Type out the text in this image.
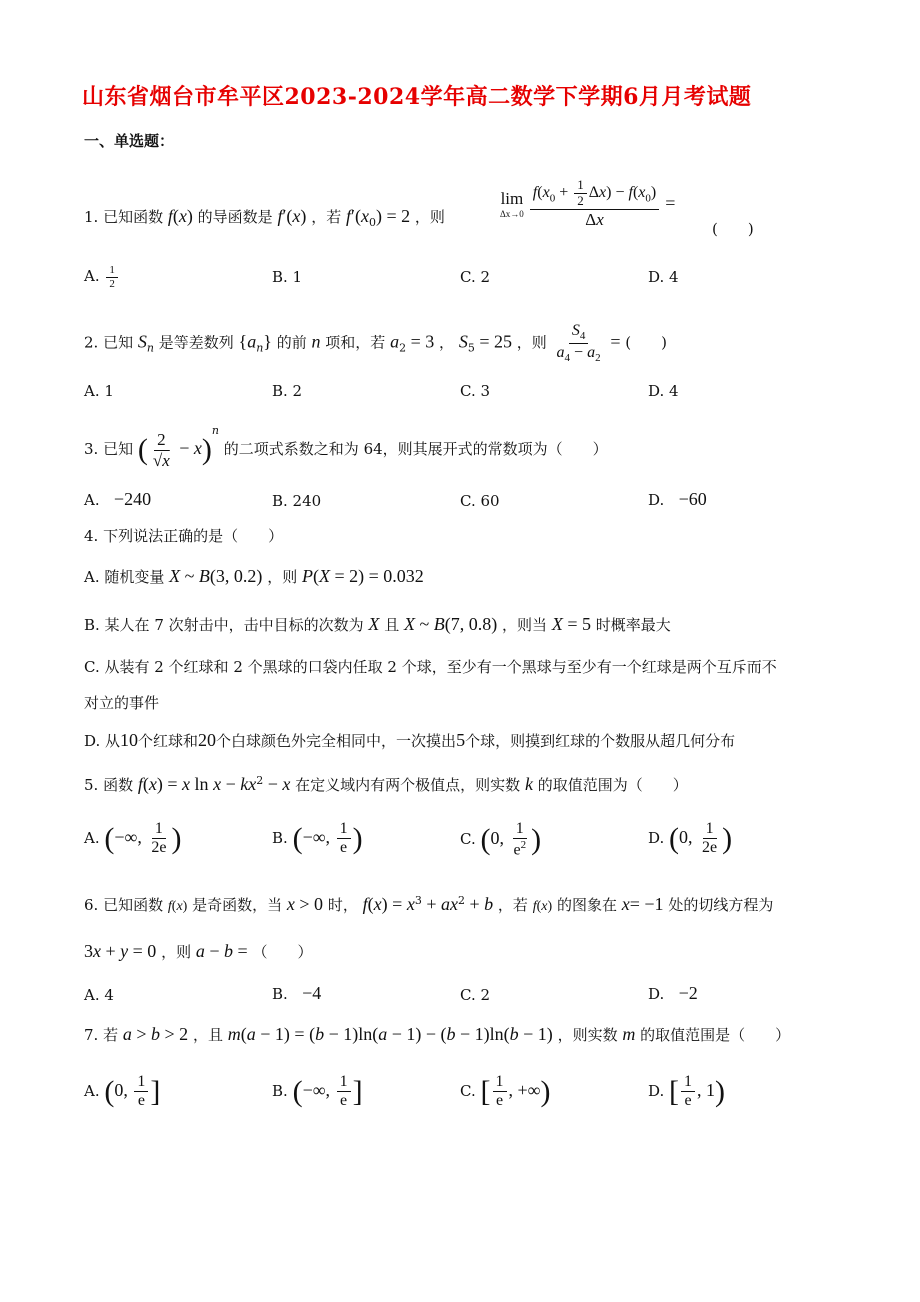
山东省烟台市牟平区2023-2024学年高二数学下学期6月月考试题
一、单选题：
1. 已知函数 f(x) 的导函数是 f′(x) ，若 $f'(x_0) = 2$ ，则
lim
$\Delta x\to 0 \frac{f(x_0 + \frac{1}{2} \Delta x) - f(x_0)}{\Delta x}$ =
(　　)
A. $\frac{1}{2}$	B. 1	C. 2	D. 4
2. 已知 $S_n$ 是等差数列 $\{a_n\}$ 的前 n 项和，若 $a_2 = 3$ ， $S_5 = 25$ ，则 $\frac{S_4}{a_4 - a_2}$ = (　　)
A. 1	B. 2	C. 3	D. 4
3. 已知 ( $\frac{2}{√x} - x)^n$ 的二项式系数之和为 64，则其展开式的常数项为（　　）
A. −240	B. 240	C. 60	D. −60
4. 下列说法正确的是（　　）
A. 随机变量 X ~ B(3, 0.2) ，则 P(X = 2) = 0.032
B. 某人在 7 次射击中，击中目标的次数为 X 且 X ~ B(7, 0.8) ，则当 X = 5 时概率最大
C. 从装有 2 个红球和 2 个黑球的口袋内任取 2 个球，至少有一个黑球与至少有一个红球是两个互斥而不
对立的事件
D. 从10个红球和20个白球颜色外完全相同中，一次摸出5个球，则摸到红球的个数服从超几何分布
5. 函数 f(x) = x $\ln x - kx^2 - x$ 在定义域内有两个极值点，则实数 k 的取值范围为（　　）
A. (−∞, $\frac{1}{2e}$ )	B. (−∞, $\frac{1}{e}$ )	C. (0, $\frac{1}{e^2}$ )	D. (0, $\frac{1}{2e}$ )
6. 已知函数 f(x) 是奇函数，当 x > 0 时， $f(x) = x^3 + ax^2 + b$ ，若 f(x) 的图象在 x= −1 处的切线方程为
3x + y = 0 ，则 a − b = （　　）
A. 4	B. −4	C. 2	D. −2
7. 若 a > b > 2 ，且 m(a − 1) = (b − 1)ln(a − 1) − (b − 1)ln(b − 1) ，则实数 m 的取值范围是（　　）
A. (0, $\frac{1}{e}$ ]	B. (−∞, $\frac{1}{e}$ ]	C. [ $\frac{1}{e}$ , +∞)	D. [ $\frac{1}{e}$ , 1)
